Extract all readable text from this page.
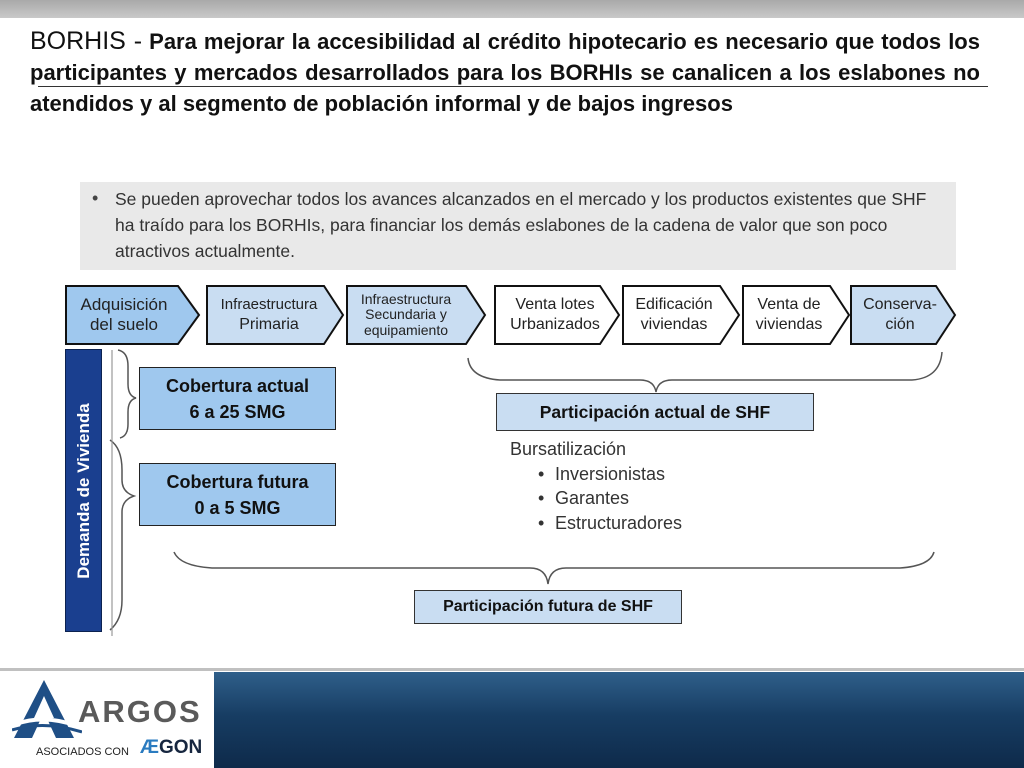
BORHIS - Para mejorar la accesibilidad al crédito hipotecario es necesario que todos los participantes y mercados desarrollados para los BORHIs se canalicen a los eslabones no atendidos y al segmento de población informal y de bajos ingresos
• Se pueden aprovechar todos los avances alcanzados en el mercado y los productos existentes que SHF ha traído para los BORHIs, para financiar los demás eslabones de la cadena de valor que son poco atractivos actualmente.
Adquisición
del suelo
Infraestructura
Primaria
Infraestructura
Secundaria y
equipamiento
Venta lotes
Urbanizados
Edificación
viviendas
Venta de
viviendas
Conserva-
ción
Demanda de Vivienda
Cobertura actual
6 a 25 SMG
Cobertura futura
0 a 5 SMG
Participación actual de SHF
Bursatilización
• Inversionistas
• Garantes
• Estructuradores
Participación futura de SHF
ARGOS
ASOCIADOS CON ÆGON
